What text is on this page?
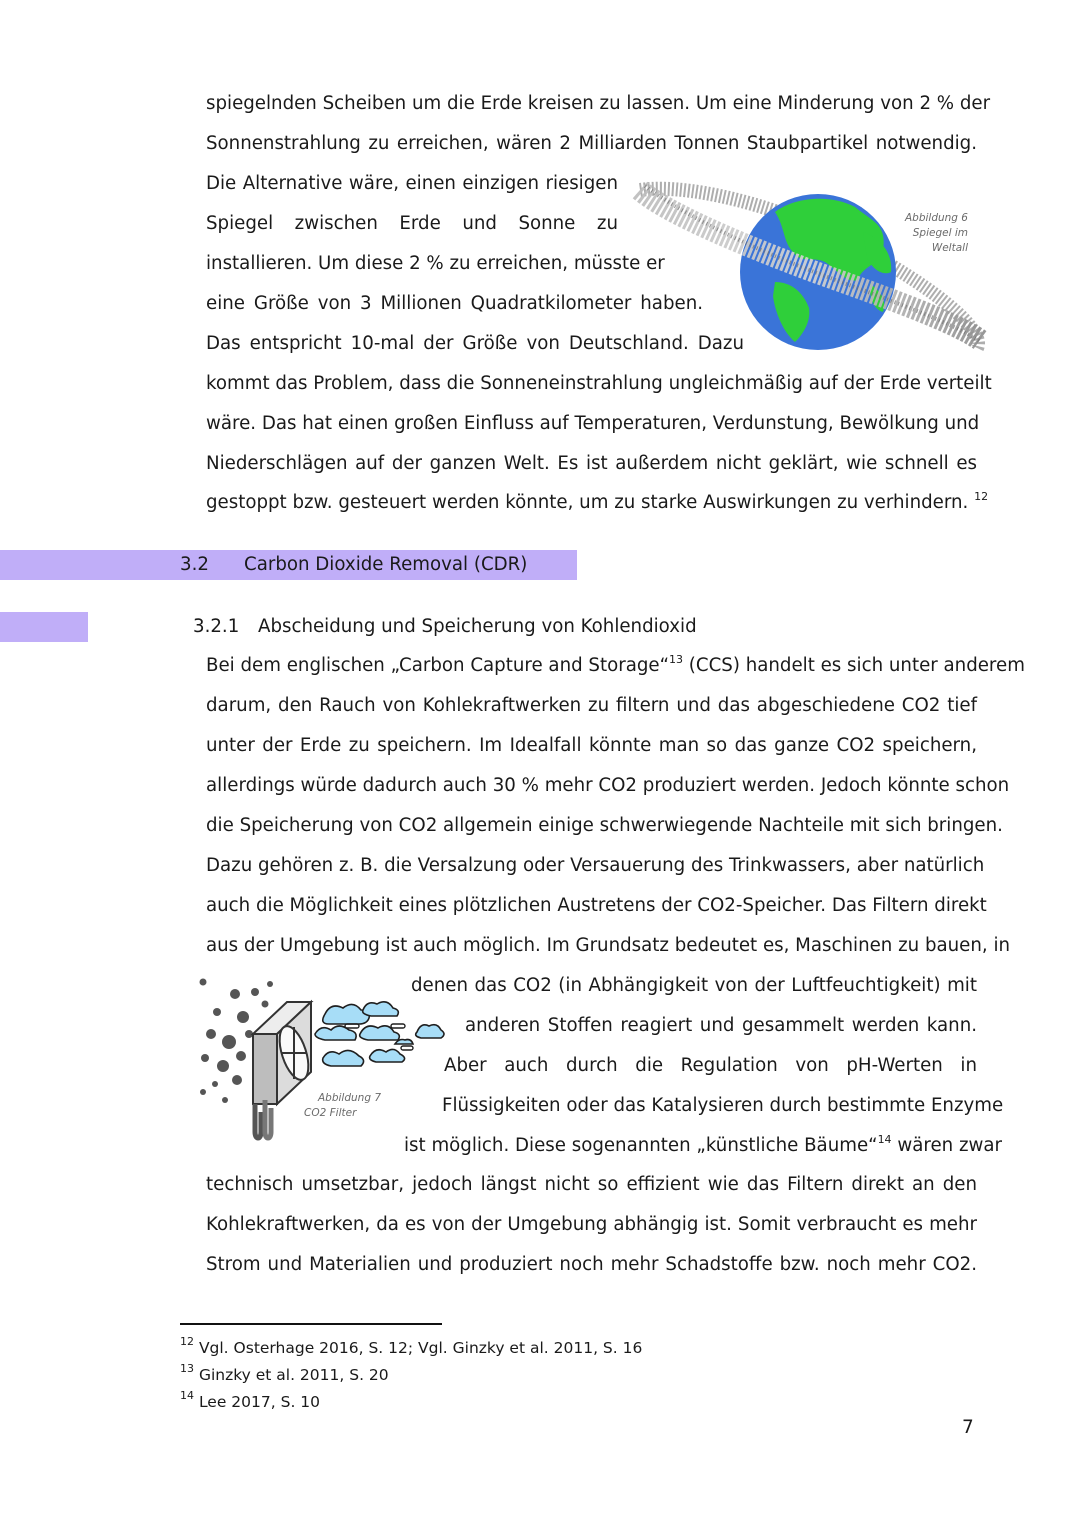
spiegelnden Scheiben um die Erde kreisen zu lassen. Um eine Minderung von 2 % der
Sonnenstrahlung zu erreichen, wären 2 Milliarden Tonnen Staubpartikel notwendig.
Die Alternative wäre, einen einzigen riesigen
Spiegel zwischen Erde und Sonne zu
installieren. Um diese 2 % zu erreichen, müsste er
eine Größe von 3 Millionen Quadratkilometer haben.
Das entspricht 10-mal der Größe von Deutschland. Dazu
kommt das Problem, dass die Sonneneinstrahlung ungleichmäßig auf der Erde verteilt
wäre. Das hat einen großen Einfluss auf Temperaturen, Verdunstung, Bewölkung und
Niederschlägen auf der ganzen Welt. Es ist außerdem nicht geklärt, wie schnell es
gestoppt bzw. gesteuert werden könnte, um zu starke Auswirkungen zu verhindern. $^{12}$
Abbildung 6
Spiegel im
Weltall
3.2 Carbon Dioxide Removal (CDR)
3.2.1 Abscheidung und Speicherung von Kohlendioxid
Bei dem englischen „Carbon Capture and Storage“$^{13}$ (CCS) handelt es sich unter anderem
darum, den Rauch von Kohlekraftwerken zu filtern und das abgeschiedene CO2 tief
unter der Erde zu speichern. Im Idealfall könnte man so das ganze CO2 speichern,
allerdings würde dadurch auch 30 % mehr CO2 produziert werden. Jedoch könnte schon
die Speicherung von CO2 allgemein einige schwerwiegende Nachteile mit sich bringen.
Dazu gehören z. B. die Versalzung oder Versauerung des Trinkwassers, aber natürlich
auch die Möglichkeit eines plötzlichen Austretens der CO2-Speicher. Das Filtern direkt
aus der Umgebung ist auch möglich. Im Grundsatz bedeutet es, Maschinen zu bauen, in
denen das CO2 (in Abhängigkeit von der Luftfeuchtigkeit) mit
anderen Stoffen reagiert und gesammelt werden kann.
Aber auch durch die Regulation von pH-Werten in
Flüssigkeiten oder das Katalysieren durch bestimmte Enzyme
ist möglich. Diese sogenannten „künstliche Bäume“$^{14}$ wären zwar
technisch umsetzbar, jedoch längst nicht so effizient wie das Filtern direkt an den
Kohlekraftwerken, da es von der Umgebung abhängig ist. Somit verbraucht es mehr
Strom und Materialien und produziert noch mehr Schadstoffe bzw. noch mehr CO2.
Abbildung 7
CO2 Filter
$^{12}$ Vgl. Osterhage 2016, S. 12; Vgl. Ginzky et al. 2011, S. 16
$^{13}$ Ginzky et al. 2011, S. 20
$^{14}$ Lee 2017, S. 10
7
